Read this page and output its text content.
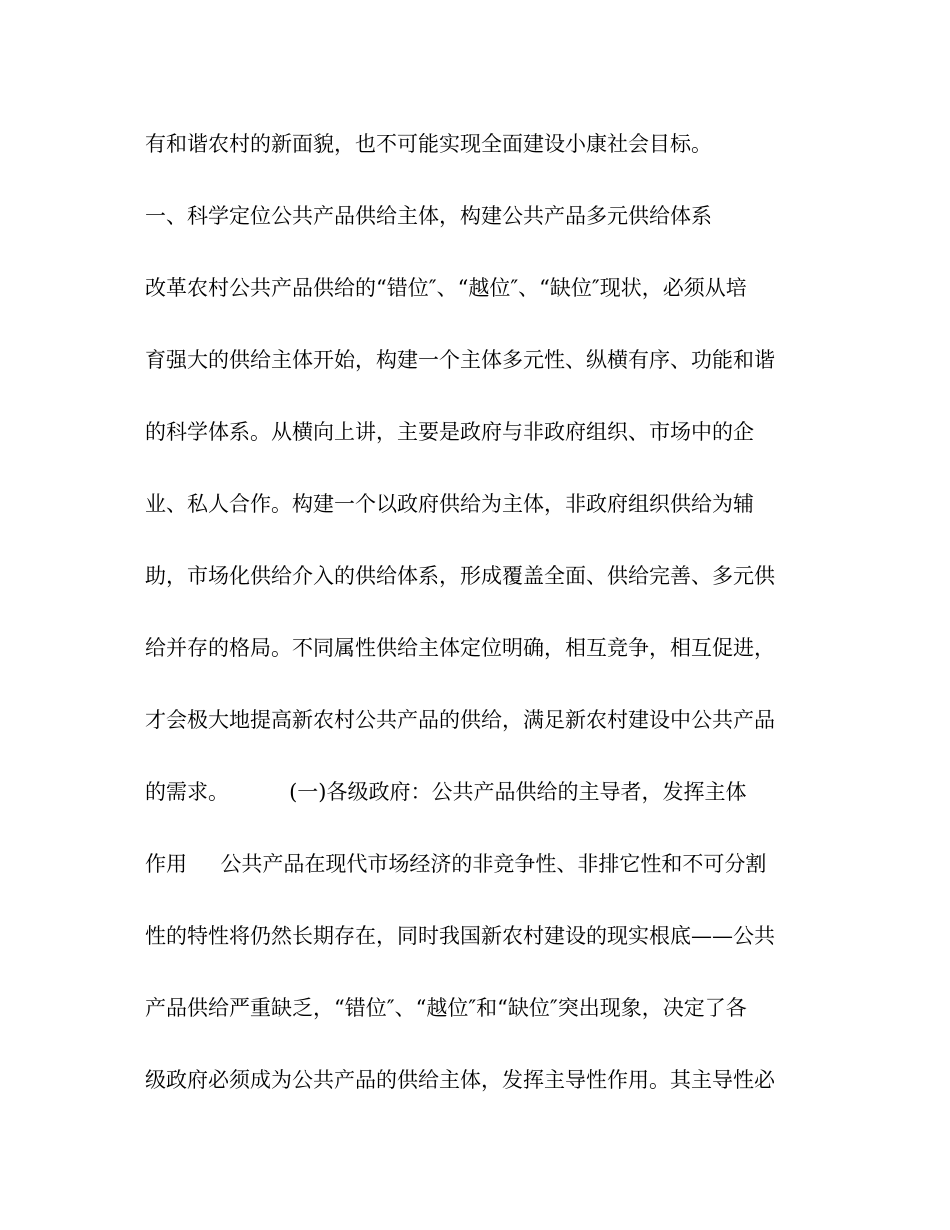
有和谐农村的新面貌，也不可能实现全面建设小康社会目标。

一、科学定位公共产品供给主体，构建公共产品多元供给体系

改革农村公共产品供给的“错位″、“越位″、“缺位″现状，必须从培

育强大的供给主体开始，构建一个主体多元性、纵横有序、功能和谐

的科学体系。从横向上讲，主要是政府与非政府组织、市场中的企

业、私人合作。构建一个以政府供给为主体，非政府组织供给为辅

助，市场化供给介入的供给体系，形成覆盖全面、供给完善、多元供

给并存的格局。不同属性供给主体定位明确，相互竞争，相互促进，

才会极大地提高新农村公共产品的供给，满足新农村建设中公共产品

的需求。         (一)各级政府：公共产品供给的主导者，发挥主体

作用     公共产品在现代市场经济的非竞争性、非排它性和不可分割

性的特性将仍然长期存在，同时我国新农村建设的现实根底——公共

产品供给严重缺乏，“错位″、“越位″和“缺位″突出现象，决定了各

级政府必须成为公共产品的供给主体，发挥主导性作用。其主导性必
